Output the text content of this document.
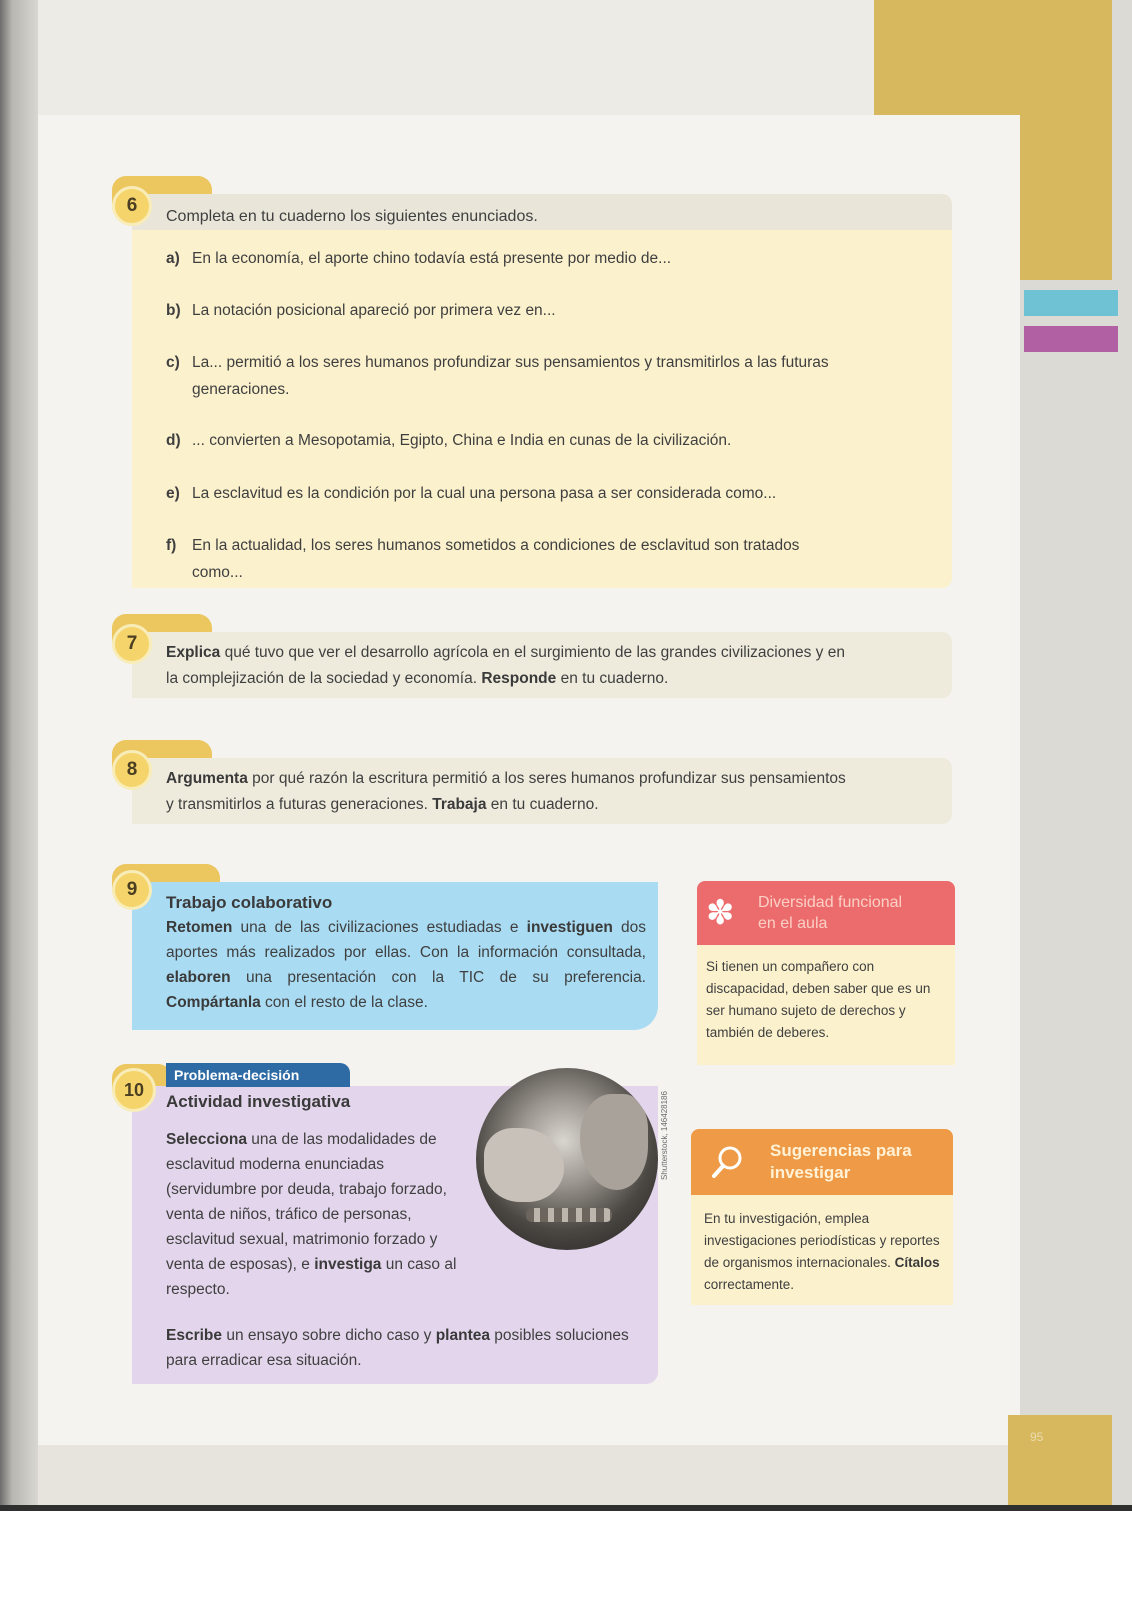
95
6
Completa en tu cuaderno los siguientes enunciados.
a) En la economía, el aporte chino todavía está presente por medio de...
b) La notación posicional apareció por primera vez en...
c) La... permitió a los seres humanos profundizar sus pensamientos y transmitirlos a las futuras
generaciones.
d) ... convierten a Mesopotamia, Egipto, China e India en cunas de la civilización.
e) La esclavitud es la condición por la cual una persona pasa a ser considerada como...
f) En la actualidad, los seres humanos sometidos a condiciones de esclavitud son tratados
como...
7	Explica qué tuvo que ver el desarrollo agrícola en el surgimiento de las grandes civilizaciones y en
la complejización de la sociedad y economía. Responde en tu cuaderno.
8	Argumenta por qué razón la escritura permitió a los seres humanos profundizar sus pensamientos
y transmitirlos a futuras generaciones. Trabaja en tu cuaderno.
9
Trabajo colaborativo
Retomen una de las civilizaciones estudiadas e investiguen dos aportes más realizados por ellas. Con la información consultada, elaboren una presentación con la TIC de su preferencia. Compártanla con el resto de la clase.
Problema-decisión
10
Actividad investigativa
Selecciona una de las modalidades de esclavitud moderna enunciadas (servidumbre por deuda, trabajo forzado, venta de niños, tráfico de personas, esclavitud sexual, matrimonio forzado y venta de esposas), e investiga un caso al respecto.
Escribe un ensayo sobre dicho caso y plantea posibles soluciones para erradicar esa situación.
Shutterstock, 146428186
✽ Diversidad funcional
en el aula
Si tienen un compañero con discapacidad, deben saber que es un ser humano sujeto de derechos y también de deberes.
Sugerencias para
investigar
En tu investigación, emplea investigaciones periodísticas y reportes de organismos internacionales. Cítalos correctamente.
